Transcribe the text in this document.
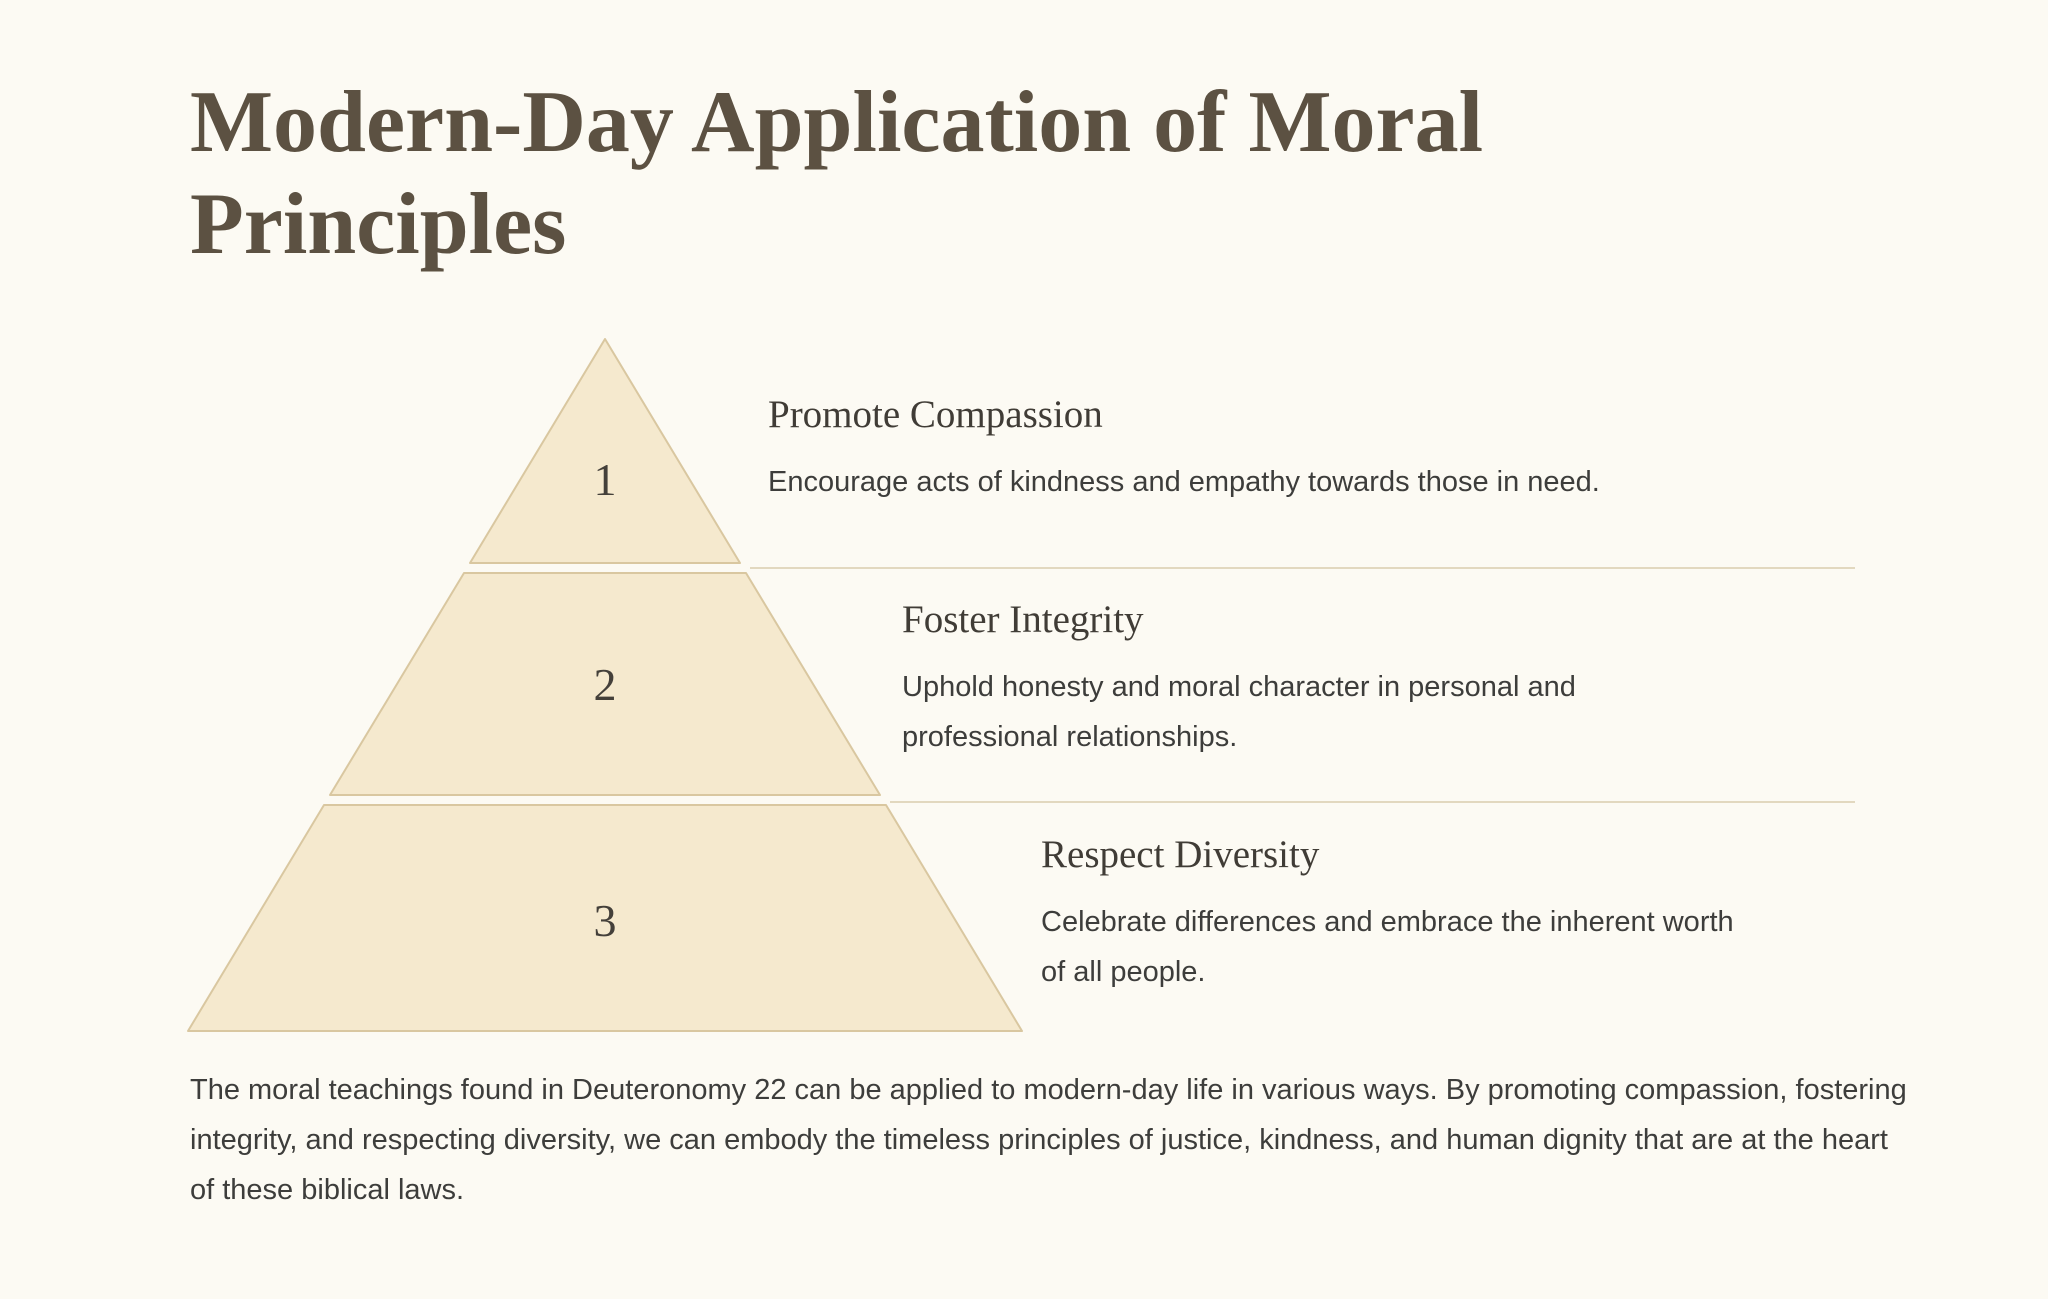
Modern-Day Application of Moral Principles
1
2
3
Promote Compassion

Encourage acts of kindness and empathy towards those in need.

Foster Integrity

Uphold honesty and moral character in personal and professional relationships.

Respect Diversity

Celebrate differences and embrace the inherent worth of all people.

The moral teachings found in Deuteronomy 22 can be applied to modern-day life in various ways. By promoting compassion, fostering integrity, and respecting diversity, we can embody the timeless principles of justice, kindness, and human dignity that are at the heart of these biblical laws.
